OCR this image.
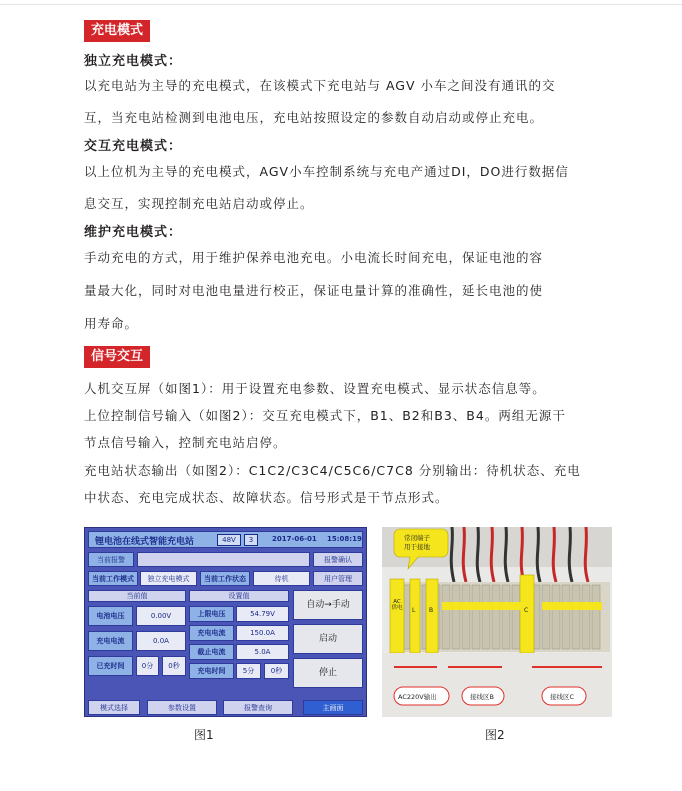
充电模式
独立充电模式：
以充电站为主导的充电模式，在该模式下充电站与 AGV 小车之间没有通讯的交
互，当充电站检测到电池电压，充电站按照设定的参数自动启动或停止充电。
交互充电模式：
以上位机为主导的充电模式，AGV小车控制系统与充电产通过DI，DO进行数据信
息交互，实现控制充电站启动或停止。
维护充电模式：
手动充电的方式，用于维护保养电池充电。小电流长时间充电，保证电池的容
量最大化，同时对电池电量进行校正，保证电量计算的准确性，延长电池的使
用寿命。
信号交互
人机交互屏（如图1）：用于设置充电参数、设置充电模式、显示状态信息等。
上位控制信号输入（如图2）：交互充电模式下，B1、B2和B3、B4。两组无源干
节点信号输入，控制充电站启停。
充电站状态输出（如图2）：C1C2/C3C4/C5C6/C7C8 分别输出：待机状态、充电
中状态、充电完成状态、故障状态。信号形式是干节点形式。
锂电池在线式智能充电站	48V	3	2017-06-01 15:08:19
当前报警	报警确认
当前工作模式	独立充电模式	当前工作状态	待机	用户管理
当前值	设置值
电池电压	0.00V
充电电流	0.0A
已充时间	0分	0秒
上限电压	54.79V
充电电流	150.0A
截止电流	5.0A
充电时间	5分	0秒
自动→手动
启动
停止
模式选择	参数设置	报警查询	主画面
图1
常闭端子
用于接地
AC 供电 L B	C
AC220V输出	接线区B	接线区C
图2
